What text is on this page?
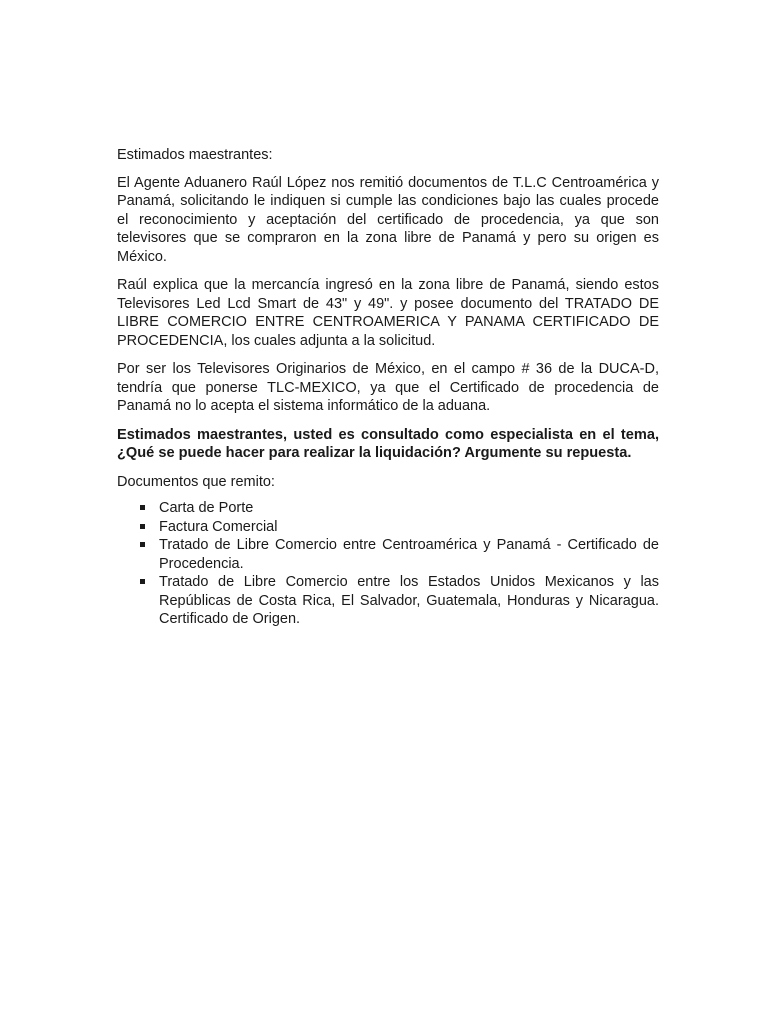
Estimados maestrantes:

El Agente Aduanero Raúl López nos remitió documentos de T.L.C Centroamérica y Panamá, solicitando le indiquen si cumple las condiciones bajo las cuales procede el reconocimiento y aceptación del certificado de procedencia, ya que son televisores que se compraron en la zona libre de Panamá y pero su origen es México.

Raúl explica que la mercancía ingresó en la zona libre de Panamá, siendo estos Televisores Led Lcd Smart de 43" y 49". y posee documento del TRATADO DE LIBRE COMERCIO ENTRE CENTROAMERICA Y PANAMA CERTIFICADO DE PROCEDENCIA, los cuales adjunta a la solicitud.

Por ser los Televisores Originarios de México, en el campo # 36 de la DUCA-D, tendría que ponerse TLC-MEXICO, ya que el Certificado de procedencia de Panamá no lo acepta el sistema informático de la aduana.

Estimados maestrantes, usted es consultado como especialista en el tema, ¿Qué se puede hacer para realizar la liquidación? Argumente su repuesta.

Documentos que remito:

Carta de Porte
Factura Comercial
Tratado de Libre Comercio entre Centroamérica y Panamá - Certificado de Procedencia.
Tratado de Libre Comercio entre los Estados Unidos Mexicanos y las Repúblicas de Costa Rica, El Salvador, Guatemala, Honduras y Nicaragua. Certificado de Origen.
